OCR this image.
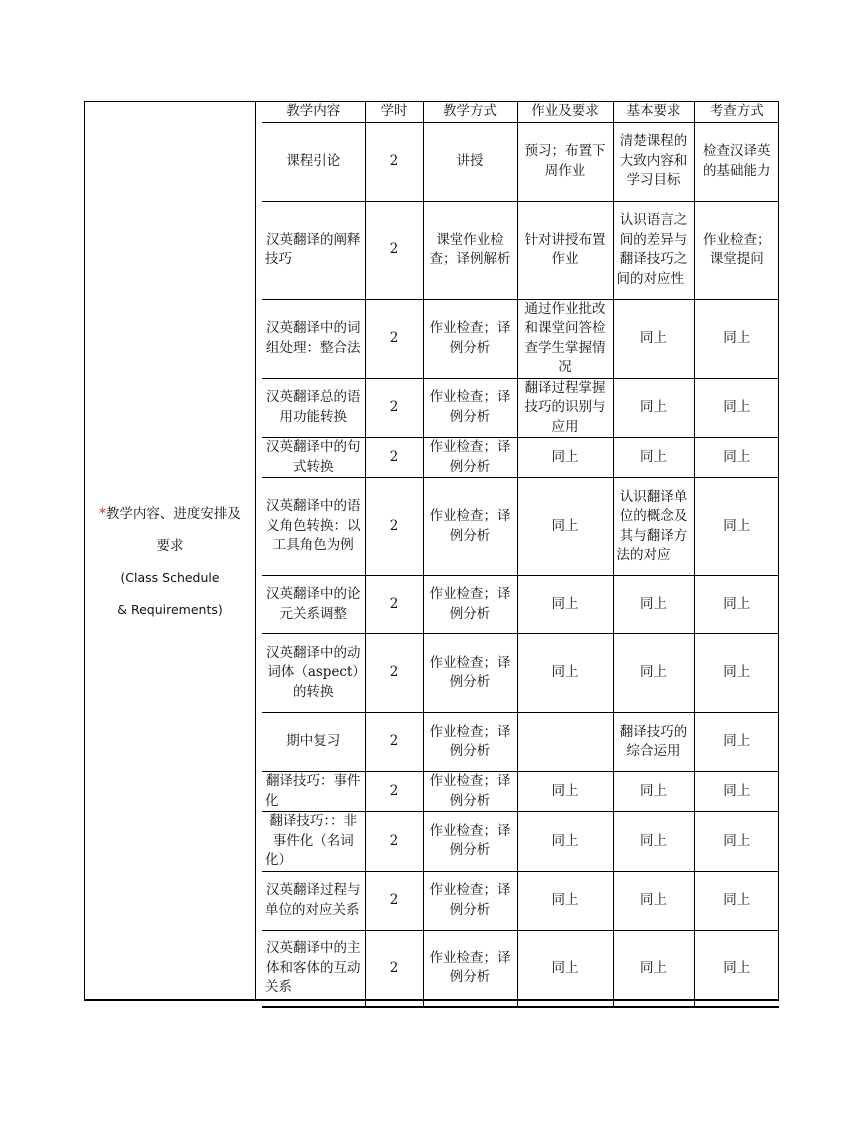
*教学内容、进度安排及
要求
(Class Schedule
& Requirements)
教学内容	学时	教学方式	作业及要求	基本要求	考查方式
课程引论	2	讲授	预习；布置下周作业	清楚课程的大致内容和学习目标	检查汉译英的基础能力
汉英翻译的阐释技巧	2	课堂作业检查；译例解析	针对讲授布置作业	认识语言之间的差异与翻译技巧之间的对应性	作业检查；课堂提问
汉英翻译中的词组处理：整合法	2	作业检查；译例分析	通过作业批改和课堂问答检查学生掌握情况	同上	同上
汉英翻译总的语用功能转换	2	作业检查；译例分析	翻译过程掌握技巧的识别与应用	同上	同上
汉英翻译中的句式转换	2	作业检查；译例分析	同上	同上	同上
汉英翻译中的语义角色转换：以工具角色为例	2	作业检查；译例分析	同上	认识翻译单位的概念及其与翻译方法的对应	同上
汉英翻译中的论元关系调整	2	作业检查；译例分析	同上	同上	同上
汉英翻译中的动词体（aspect）的转换	2	作业检查；译例分析	同上	同上	同上
期中复习	2	作业检查；译例分析		翻译技巧的综合运用	同上
翻译技巧：事件化	2	作业检查；译例分析	同上	同上	同上
翻译技巧：：非事件化（名词化）	2	作业检查；译例分析	同上	同上	同上
汉英翻译过程与单位的对应关系	2	作业检查；译例分析	同上	同上	同上
汉英翻译中的主体和客体的互动关系	2	作业检查；译例分析	同上	同上	同上
